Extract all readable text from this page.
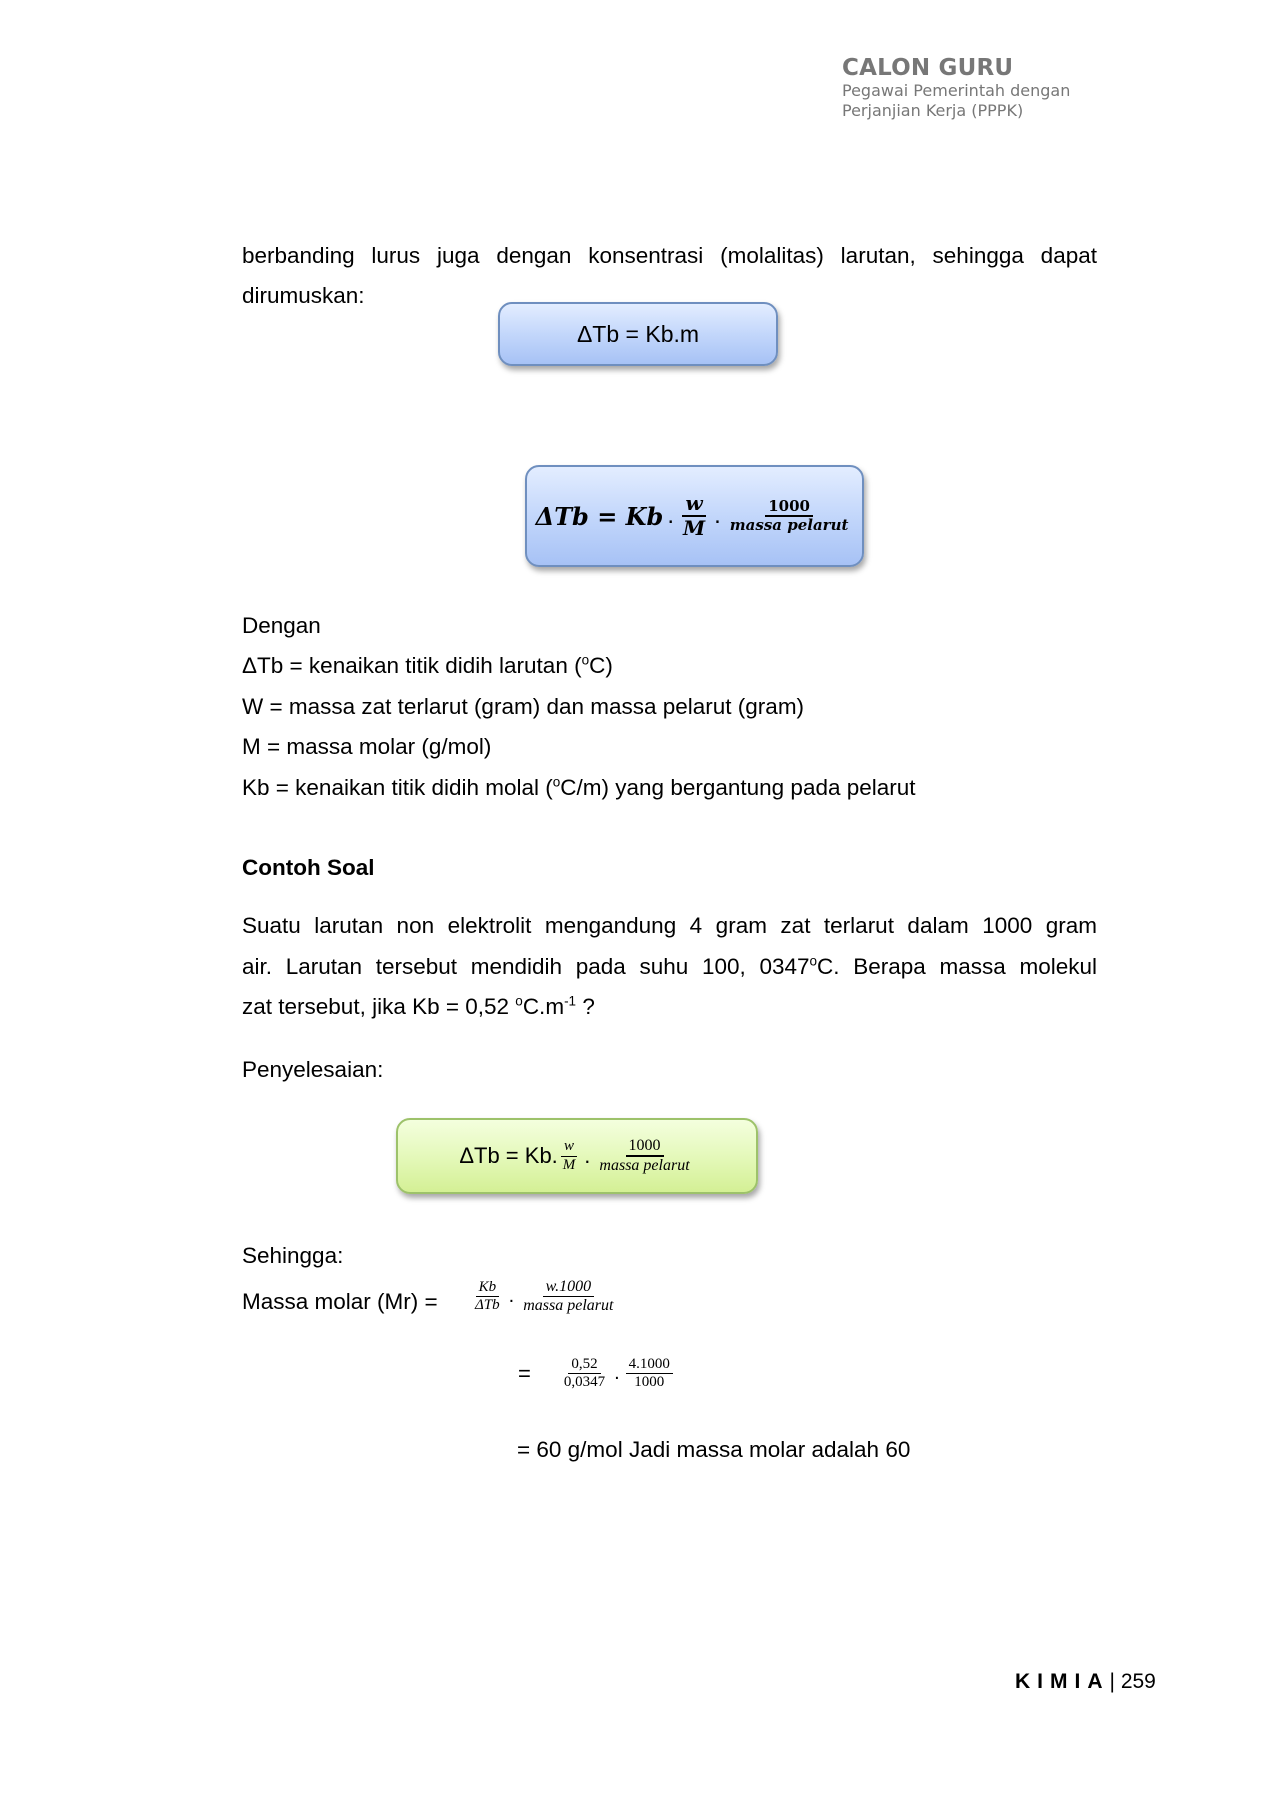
CALON GURU
Pegawai Pemerintah dengan
Perjanjian Kerja (PPPK)
berbanding lurus juga dengan konsentrasi (molalitas) larutan, sehingga dapat
dirumuskan:
ΔTb = Kb.m
ΔTb = Kb . $\frac{w}{M}$ . $\frac{1000}{\text{massa pelarut}}$
Dengan
ΔTb = kenaikan titik didih larutan ($^o$C)
W = massa zat terlarut (gram) dan massa pelarut (gram)
M = massa molar (g/mol)
Kb = kenaikan titik didih molal ($^o$C/m) yang bergantung pada pelarut
Contoh Soal
Suatu larutan non elektrolit mengandung 4 gram zat terlarut dalam 1000 gram
air. Larutan tersebut mendidih pada suhu 100, 0347$^o$C. Berapa massa molekul
zat tersebut, jika Kb = 0,52 $^oC.m^{-1}$ ?
Penyelesaian:
ΔTb = Kb. $\frac{w}{M}$ . $\frac{1000}{\text{massa pelarut}}$
Sehingga:
Massa molar $(Mr) = \frac{Kb}{\text{ΔTb}}$ . $\frac{w.1000}{\text{massa pelarut}}$
= $\frac{0,52}{0,0347}$ . $\frac{4.1000}{1000}$
= 60 g/mol Jadi massa molar adalah 60
KIMIA| 259
